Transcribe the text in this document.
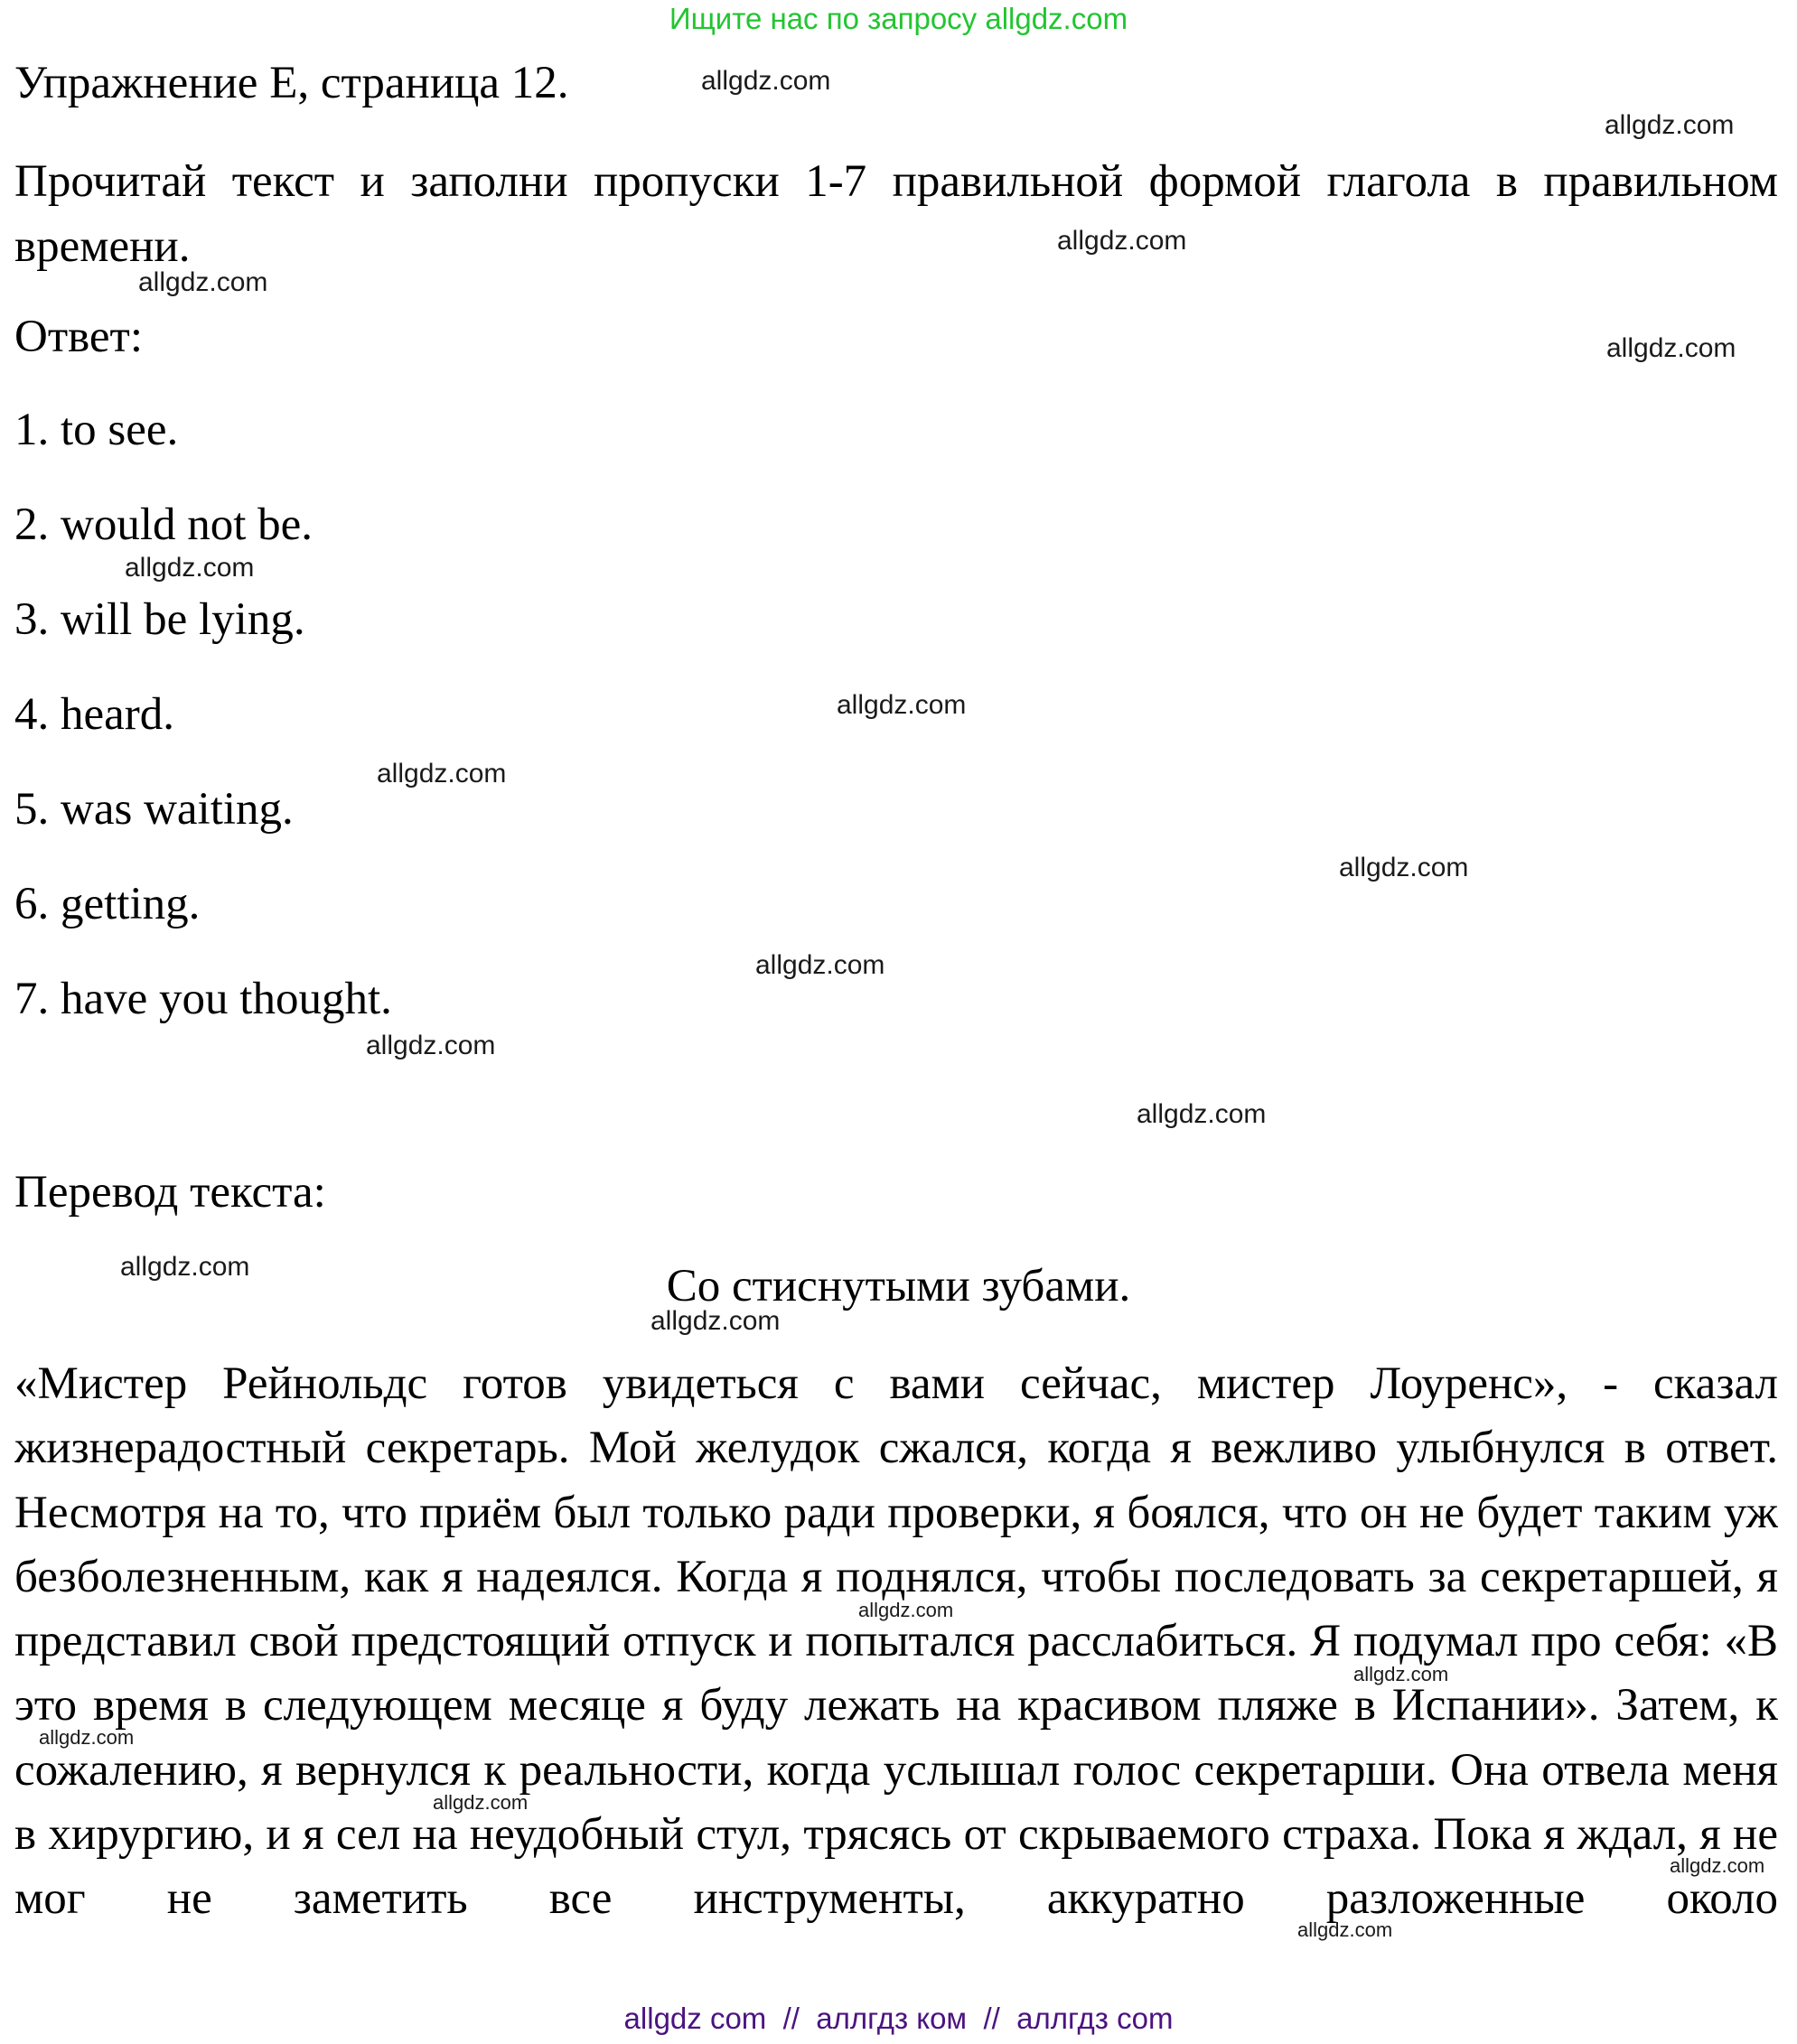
Ищите нас по запросу allgdz.com
Упражнение E, страница 12.
Прочитай текст и заполни пропуски 1-7 правильной формой глагола в правильном времени.
Ответ:
1. to see.
2. would not be.
3. will be lying.
4. heard.
5. was waiting.
6. getting.
7. have you thought.
Перевод текста:
Со стиснутыми зубами.
«Мистер Рейнольдс готов увидеться с вами сейчас, мистер Лоуренс», - сказал жизнерадостный секретарь. Мой желудок сжался, когда я вежливо улыбнулся в ответ. Несмотря на то, что приём был только ради проверки, я боялся, что он не будет таким уж безболезненным, как я надеялся. Когда я поднялся, чтобы последовать за секретаршей, я представил свой предстоящий отпуск и попытался расслабиться. Я подумал про себя: «В это время в следующем месяце я буду лежать на красивом пляже в Испании». Затем, к сожалению, я вернулся к реальности, когда услышал голос секретарши. Она отвела меня в хирургию, и я сел на неудобный стул, трясясь от скрываемого страха. Пока я ждал, я не мог не заметить все инструменты, аккуратно разложенные около
allgdz.com
allgdz.com
allgdz.com
allgdz.com
allgdz.com
allgdz.com
allgdz.com
allgdz.com
allgdz.com
allgdz.com
allgdz.com
allgdz.com
allgdz.com
allgdz.com
allgdz.com
allgdz.com
allgdz.com
allgdz.com
allgdz.com
allgdz.com
allgdz com  //  аллгдз ком  //  аллгдз com
